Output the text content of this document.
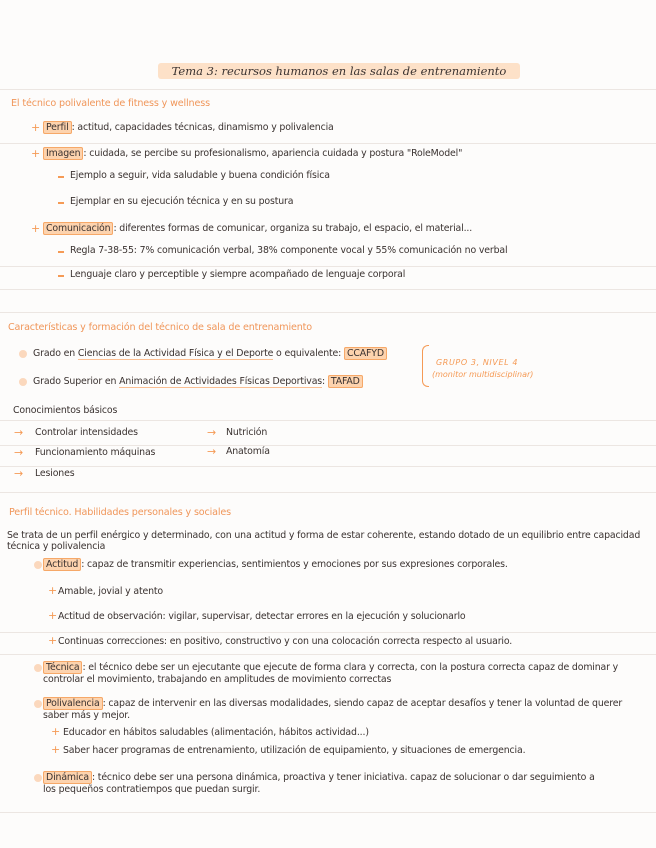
Tema 3: recursos humanos en las salas de entrenamiento
El técnico polivalente de fitness y wellness
+ Perfil : actitud, capacidades técnicas, dinamismo y polivalencia
+ Imagen : cuidada, se percibe su profesionalismo, apariencia cuidada y postura "RoleModel"
Ejemplo a seguir, vida saludable y buena condición física
Ejemplar en su ejecución técnica y en su postura
+ Comunicación : diferentes formas de comunicar, organiza su trabajo, el espacio, el material...
Regla 7-38-55: 7% comunicación verbal, 38% componente vocal y 55% comunicación no verbal
Lenguaje claro y perceptible y siempre acompañado de lenguaje corporal
Características y formación del técnico de sala de entrenamiento
Grado en Ciencias de la Actividad Física y el Deporte o equivalente: CCAFYD
Grado Superior en Animación de Actividades Físicas Deportivas: TAFAD
GRUPO 3, NIVEL 4
(monitor multidisciplinar)
Conocimientos básicos
→ Controlar intensidades
→ Funcionamiento máquinas
→ Lesiones
→ Nutrición
→ Anatomía
Perfil técnico. Habilidades personales y sociales
Se trata de un perfil enérgico y determinado, con una actitud y forma de estar coherente, estando dotado de un equilibrio entre capacidad técnica y polivalencia
Actitud : capaz de transmitir experiencias, sentimientos y emociones por sus expresiones corporales.
+ Amable, jovial y atento
+ Actitud de observación: vigilar, supervisar, detectar errores en la ejecución y solucionarlo
+ Continuas correcciones: en positivo, constructivo y con una colocación correcta respecto al usuario.
Técnica : el técnico debe ser un ejecutante que ejecute de forma clara y correcta, con la postura correcta capaz de dominar y controlar el movimiento, trabajando en amplitudes de movimiento correctas
Polivalencia : capaz de intervenir en las diversas modalidades, siendo capaz de aceptar desafíos y tener la voluntad de querer saber más y mejor.
+ Educador en hábitos saludables (alimentación, hábitos actividad...)
+ Saber hacer programas de entrenamiento, utilización de equipamiento, y situaciones de emergencia.
Dinámica : técnico debe ser una persona dinámica, proactiva y tener iniciativa. capaz de solucionar o dar seguimiento a los pequeños contratiempos que puedan surgir.
